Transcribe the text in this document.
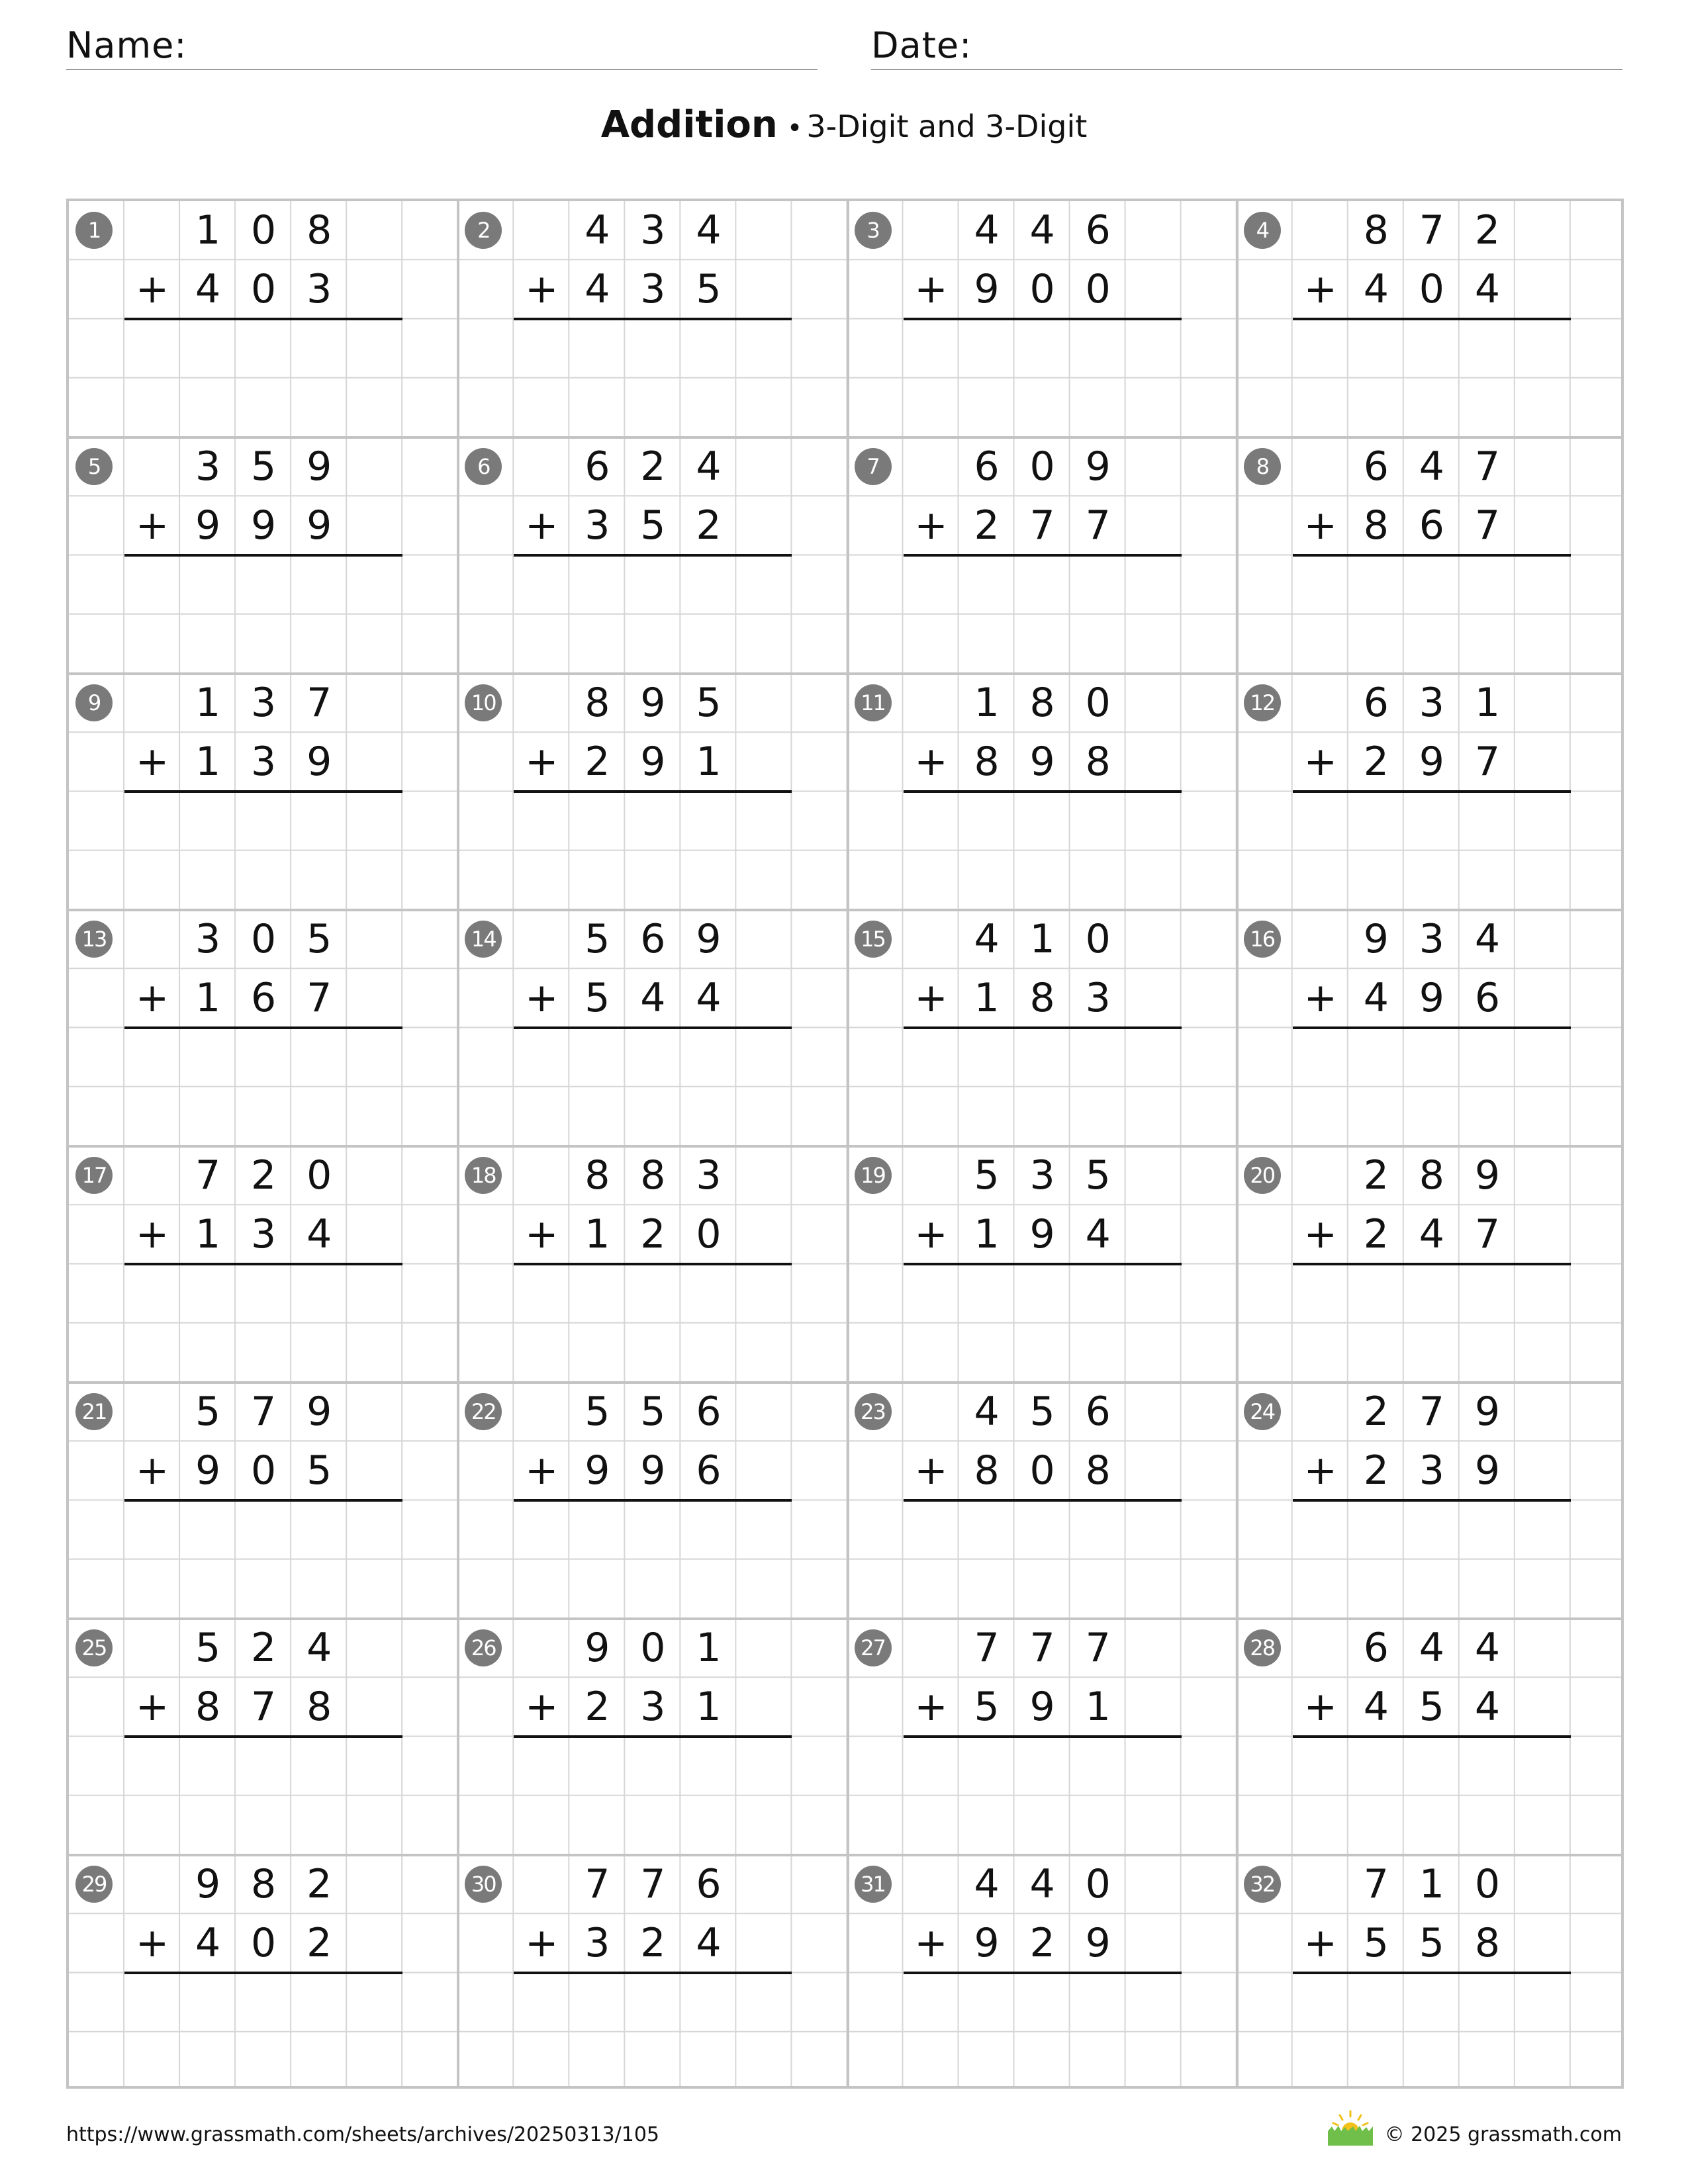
Name:	Date:
Addition • 3-Digit and 3-Digit
1	1 0 8
4 0 3
+
2	4 3 4
4 3 5
+
3	4 4 6
9 0 0
+
4	8 7 2
4 0 4
+
5	3 5 9
9 9 9
+
6	6 2 4
3 5 2
+
7	6 0 9
2 7 7
+
8	6 4 7
8 6 7
+
9	1 3 7
1 3 9
+
10	8 9 5
2 9 1
+
11	1 8 0
8 9 8
+
12	6 3 1
2 9 7
+
13	3 0 5
1 6 7
+
14	5 6 9
5 4 4
+
15	4 1 0
1 8 3
+
16	9 3 4
4 9 6
+
17	7 2 0
1 3 4
+
18	8 8 3
1 2 0
+
19	5 3 5
1 9 4
+
20	2 8 9
2 4 7
+
21	5 7 9
9 0 5
+
22	5 5 6
9 9 6
+
23	4 5 6
8 0 8
+
24	2 7 9
2 3 9
+
25	5 2 4
8 7 8
+
26	9 0 1
2 3 1
+
27	7 7 7
5 9 1
+
28	6 4 4
4 5 4
+
29	9 8 2
4 0 2
+
30	7 7 6
3 2 4
+
31	4 4 0
9 2 9
+
32	7 1 0
5 5 8
+
https://www.grassmath.com/sheets/archives/20250313/105	© 2025 grassmath.com
